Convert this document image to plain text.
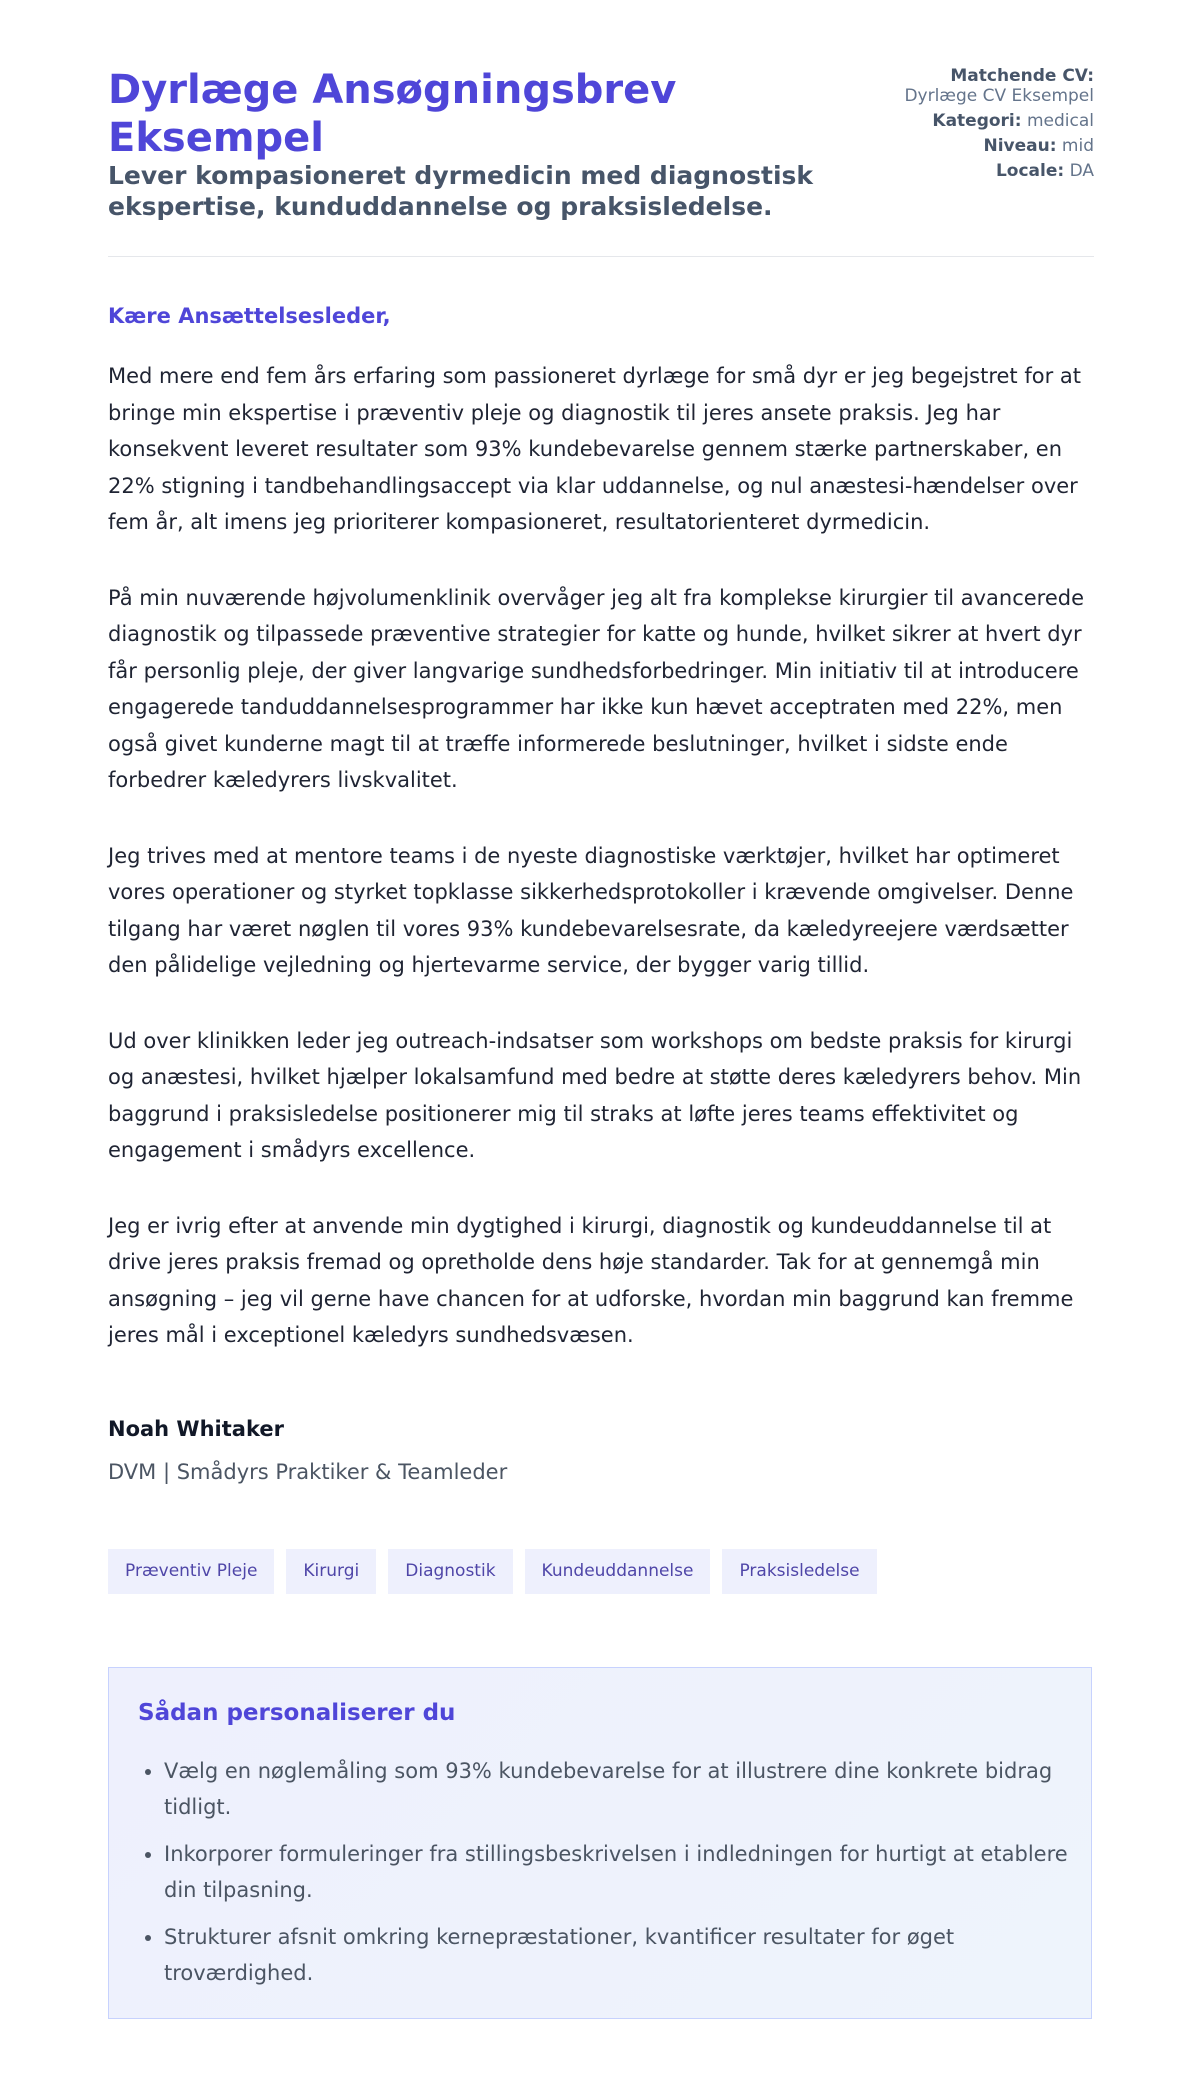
Dyrlæge Ansøgningsbrev Eksempel
Lever kompasioneret dyrmedicin med diagnostisk ekspertise, kunduddannelse og praksisledelse.
Matchende CV:
Dyrlæge CV Eksempel
Kategori: medical
Niveau: mid
Locale: DA
Kære Ansættelsesleder,

Med mere end fem års erfaring som passioneret dyrlæge for små dyr er jeg begejstret for at bringe min ekspertise i præventiv pleje og diagnostik til jeres ansete praksis. Jeg har konsekvent leveret resultater som 93% kundebevarelse gennem stærke partnerskaber, en 22% stigning i tandbehandlingsaccept via klar uddannelse, og nul anæstesi-hændelser over fem år, alt imens jeg prioriterer kompasioneret, resultatorienteret dyrmedicin.

På min nuværende højvolumenklinik overvåger jeg alt fra komplekse kirurgier til avancerede diagnostik og tilpassede præventive strategier for katte og hunde, hvilket sikrer at hvert dyr får personlig pleje, der giver langvarige sundhedsforbedringer. Min initiativ til at introducere engagerede tanduddannelsesprogrammer har ikke kun hævet acceptraten med 22%, men også givet kunderne magt til at træffe informerede beslutninger, hvilket i sidste ende forbedrer kæledyrers livskvalitet.

Jeg trives med at mentore teams i de nyeste diagnostiske værktøjer, hvilket har optimeret vores operationer og styrket topklasse sikkerhedsprotokoller i krævende omgivelser. Denne tilgang har været nøglen til vores 93% kundebevarelsesrate, da kæledyreejere værdsætter den pålidelige vejledning og hjertevarme service, der bygger varig tillid.

Ud over klinikken leder jeg outreach-indsatser som workshops om bedste praksis for kirurgi og anæstesi, hvilket hjælper lokalsamfund med bedre at støtte deres kæledyrers behov. Min baggrund i praksisledelse positionerer mig til straks at løfte jeres teams effektivitet og engagement i smådyrs excellence.

Jeg er ivrig efter at anvende min dygtighed i kirurgi, diagnostik og kundeuddannelse til at drive jeres praksis fremad og opretholde dens høje standarder. Tak for at gennemgå min ansøgning – jeg vil gerne have chancen for at udforske, hvordan min baggrund kan fremme jeres mål i exceptionel kæledyrs sundhedsvæsen.

Noah Whitaker
DVM | Smådyrs Praktiker & Teamleder
Præventiv Pleje	Kirurgi	Diagnostik	Kundeuddannelse	Praksisledelse
Sådan personaliserer du
• Vælg en nøglemåling som 93% kundebevarelse for at illustrere dine konkrete bidrag tidligt.
• Inkorporer formuleringer fra stillingsbeskrivelsen i indledningen for hurtigt at etablere din tilpasning.
• Strukturer afsnit omkring kernepræstationer, kvantificer resultater for øget troværdighed.
